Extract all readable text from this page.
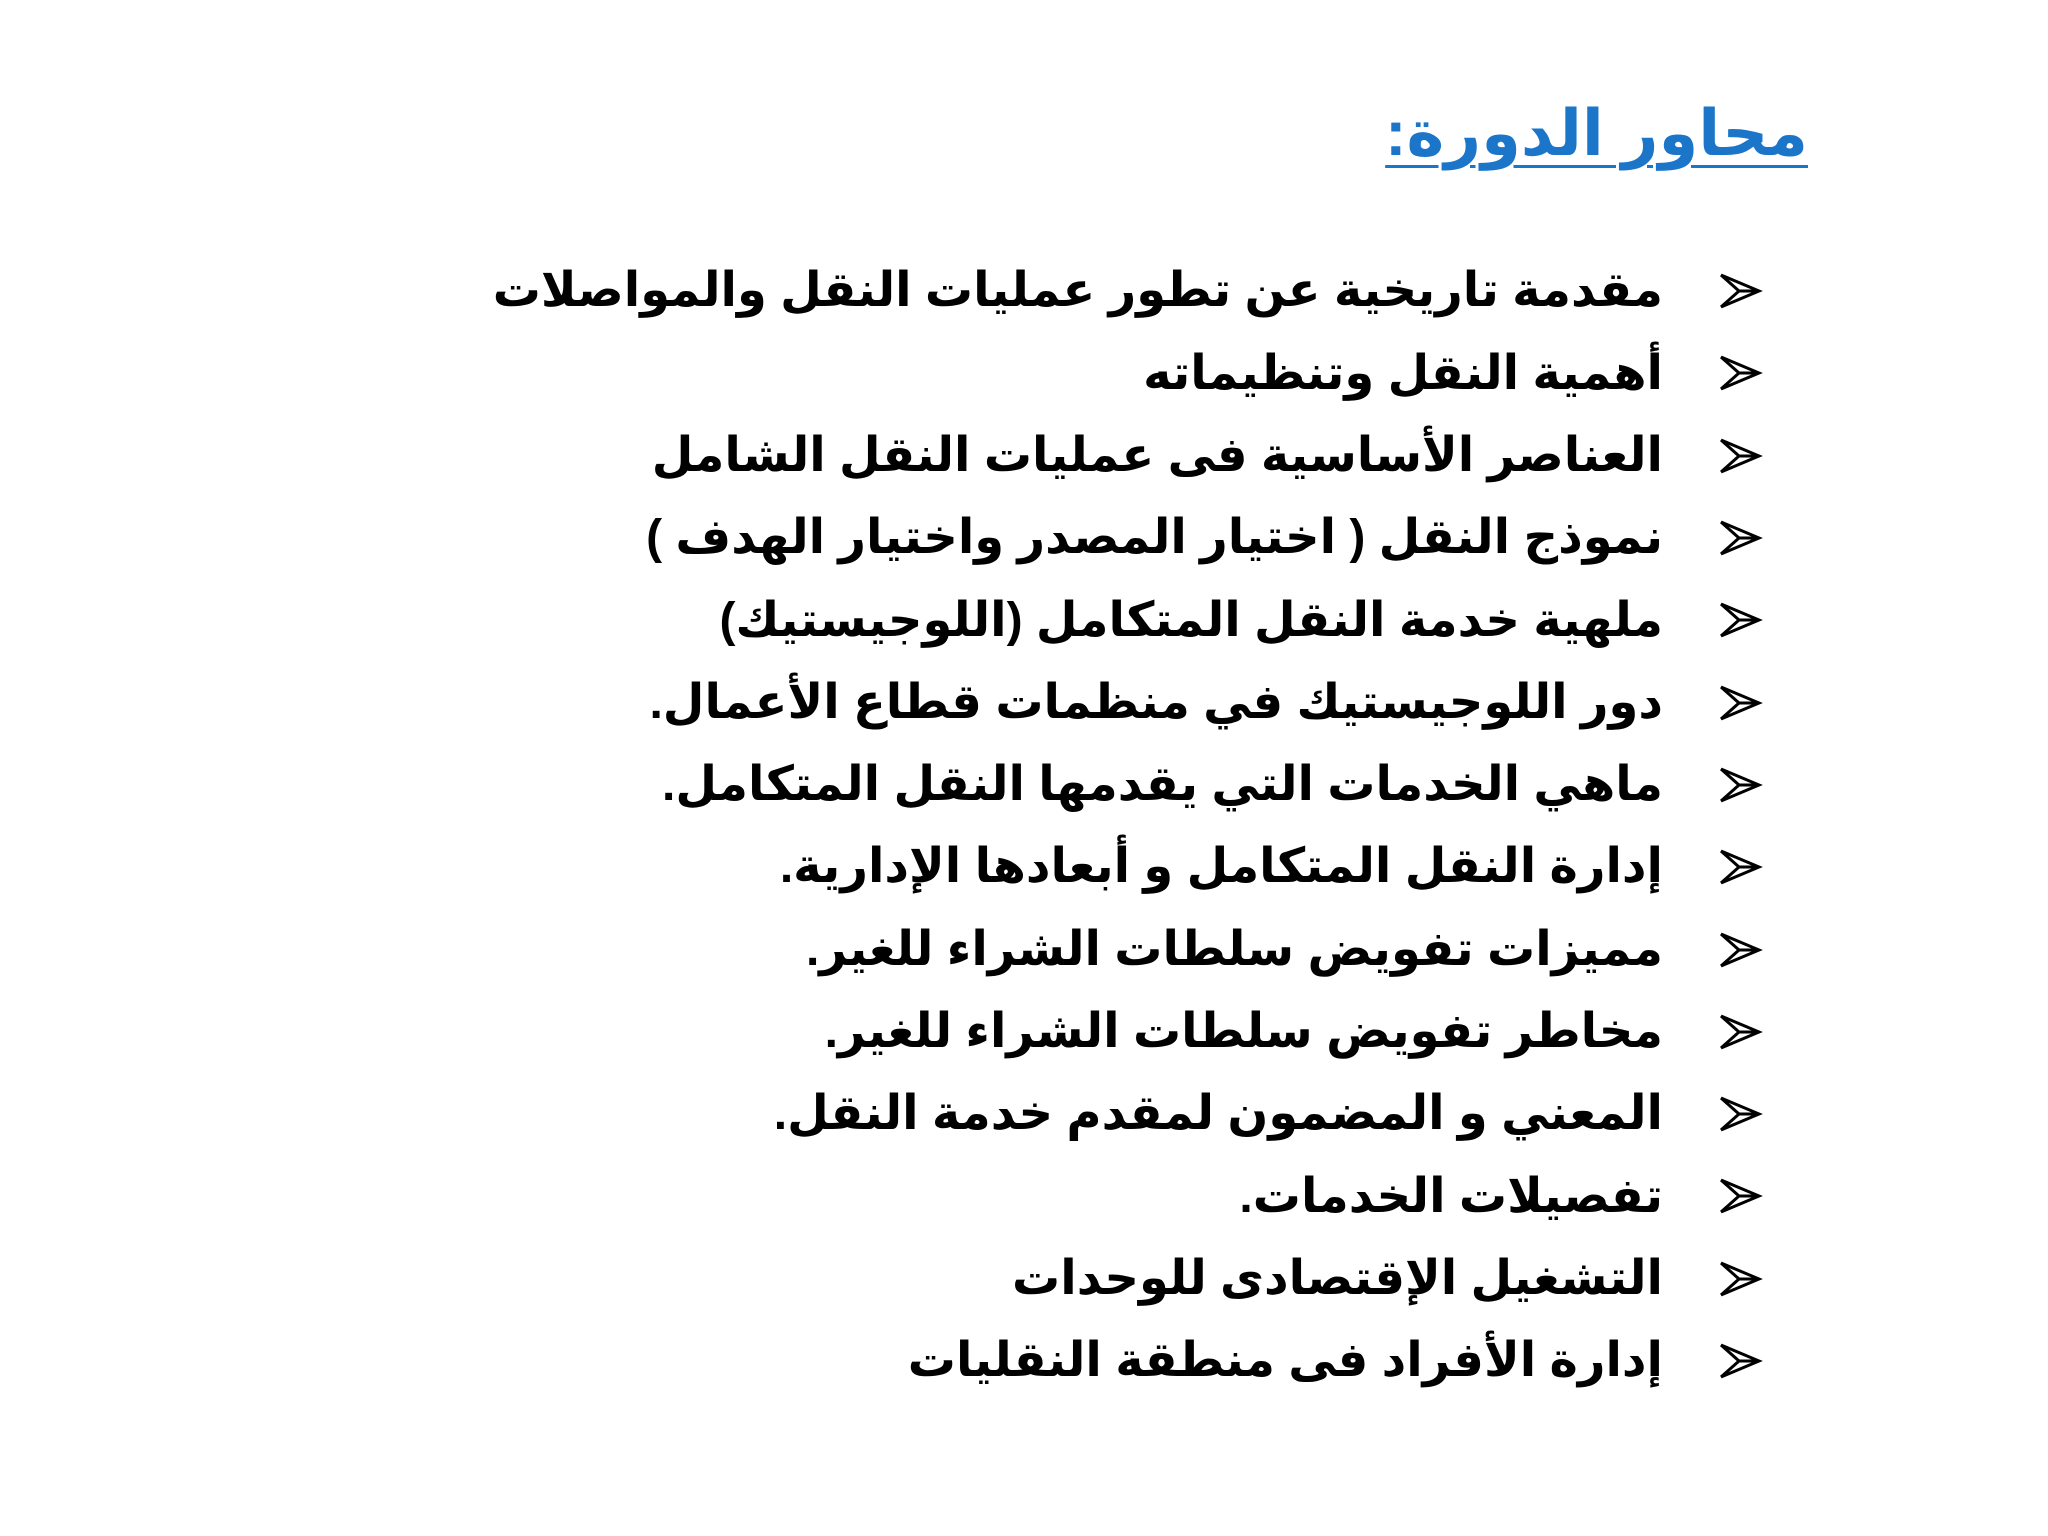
محاور الدورة:
مقدمة تاريخية عن تطور عمليات النقل والمواصلات
أهمية النقل وتنظيماته
العناصر الأساسية فى عمليات النقل الشامل
نموذج النقل ( اختيار المصدر واختيار الهدف )
ملهية خدمة النقل المتكامل (اللوجيستيك)
دور اللوجيستيك في منظمات قطاع الأعمال.
ماهي الخدمات التي يقدمها النقل المتكامل.
إدارة النقل المتكامل و أبعادها الإدارية.
مميزات تفويض سلطات الشراء للغير.
مخاطر تفويض سلطات الشراء للغير.
المعني و المضمون لمقدم خدمة النقل.
تفصيلات الخدمات.
التشغيل الإقتصادى للوحدات
إدارة الأفراد فى منطقة النقليات
